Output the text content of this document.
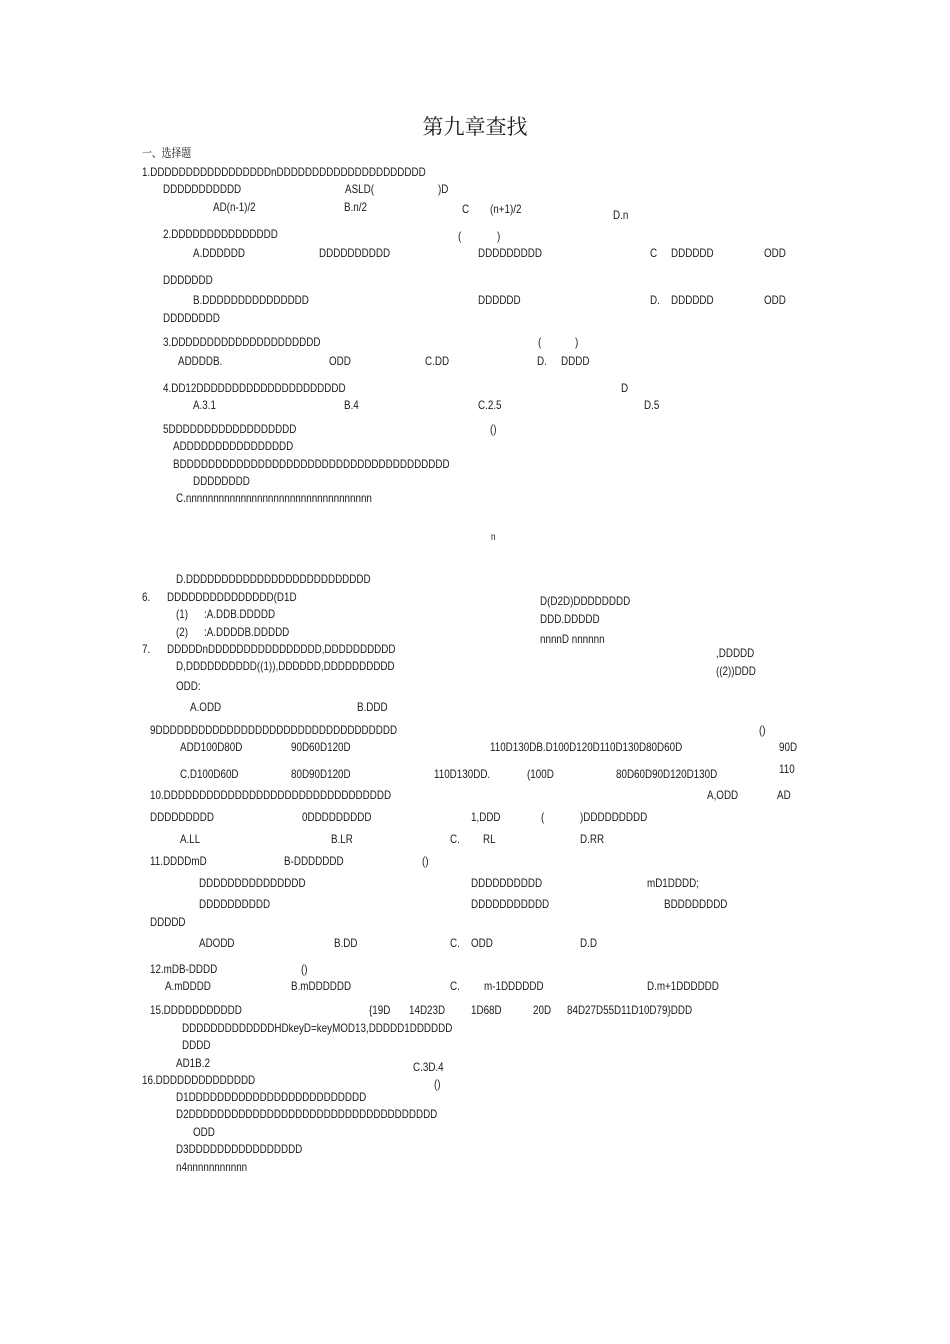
第九章查找
一、选择题
1.DDDDDDDDDDDDDDDDDnDDDDDDDDDDDDDDDDDDDDD
DDDDDDDDDDD	ASLD(	)D
AD(n-1)/2	B.n/2	C (n+1)/2	D.n
2.DDDDDDDDDDDDDDD	(	)
A.DDDDDD	DDDDDDDDDD	DDDDDDDDD	C DDDDDD	ODD
DDDDDDD
B.DDDDDDDDDDDDDDD	DDDDDD	D. DDDDDD	ODD
DDDDDDDD
3.DDDDDDDDDDDDDDDDDDDDD	(	)
ADDDDB.	ODD	C.DD	D. DDDD
4.DD12DDDDDDDDDDDDDDDDDDDDD	D
A.3.1	B.4	C.2.5	D.5
5DDDDDDDDDDDDDDDDDD	()
ADDDDDDDDDDDDDDDD
BDDDDDDDDDDDDDDDDDDDDDDDDDDDDDDDDDDDDDD
DDDDDDDD
C.nnnnnnnnnnnnnnnnnnnnnnnnnnnnnnnnnn
n
D.DDDDDDDDDDDDDDDDDDDDDDDDDD
6. DDDDDDDDDDDDDDD(D1D	D(D2D)DDDDDDDD
(1) :A.DDB.DDDDD	DDD.DDDDD
(2) :A.DDDDB.DDDDD	nnnnD nnnnnn
7. DDDDDnDDDDDDDDDDDDDDDD,DDDDDDDDDD	,DDDDD
D,DDDDDDDDDD((1)),DDDDDD,DDDDDDDDDD	((2))DDD
ODD:
A.ODD	B.DDD
9DDDDDDDDDDDDDDDDDDDDDDDDDDDDDDDDDD	()
ADD100D80D	90D60D120D	110D130DB.D100D120D110D130D80D60D	90D
110
C.D100D60D	80D90D120D	110D130DD.	(100D	80D60D90D120D130D
10.DDDDDDDDDDDDDDDDDDDDDDDDDDDDDDDD	A,ODD	AD
DDDDDDDDD	0DDDDDDDDD	1,DDD	(	)DDDDDDDDD
A.LL	B.LR	C. RL	D.RR
11.DDDDmD	B-DDDDDDD	()
DDDDDDDDDDDDDDD	DDDDDDDDDD	mD1DDDD;
DDDDDDDDDD	DDDDDDDDDDD	BDDDDDDDD
DDDDD
ADODD	B.DD	C. ODD	D.D
12.mDB-DDDD	()
A.mDDDD	B.mDDDDDD	C. m-1DDDDDD	D.m+1DDDDDD
15.DDDDDDDDDDD	{19D 14D23D 1D68D	20D 84D27D55D11D10D79}DDD
DDDDDDDDDDDDDHDkeyD=keyMOD13,DDDDD1DDDDDD
DDDD
AD1B.2	C.3D.4
16.DDDDDDDDDDDDDD	()
D1DDDDDDDDDDDDDDDDDDDDDDDDD
D2DDDDDDDDDDDDDDDDDDDDDDDDDDDDDDDDDDD
ODD
D3DDDDDDDDDDDDDDDD
n4nnnnnnnnnnn
